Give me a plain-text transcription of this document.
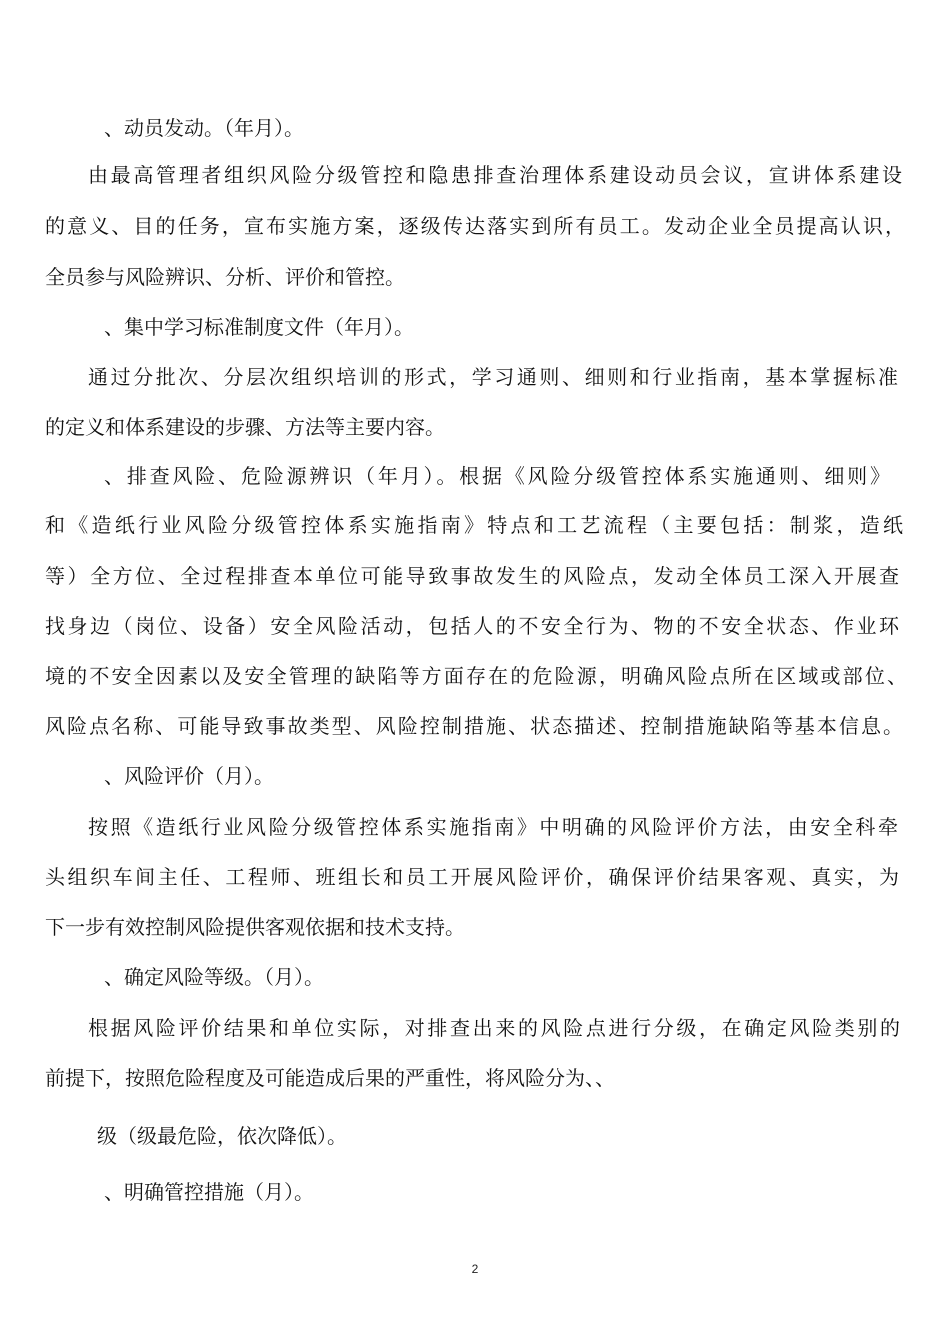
、动员发动。（年月）。
由最高管理者组织风险分级管控和隐患排查治理体系建设动员会议，宣讲体系建设
的意义、目的任务，宣布实施方案，逐级传达落实到所有员工。发动企业全员提高认识，
全员参与风险辨识、分析、评价和管控。
、集中学习标准制度文件（年月）。
通过分批次、分层次组织培训的形式，学习通则、细则和行业指南，基本掌握标准
的定义和体系建设的步骤、方法等主要内容。
、排查风险、危险源辨识（年月）。根据《风险分级管控体系实施通则、细则》
和《造纸行业风险分级管控体系实施指南》特点和工艺流程（主要包括：制浆，造纸
等）全方位、全过程排查本单位可能导致事故发生的风险点，发动全体员工深入开展查
找身边（岗位、设备）安全风险活动，包括人的不安全行为、物的不安全状态、作业环
境的不安全因素以及安全管理的缺陷等方面存在的危险源，明确风险点所在区域或部位、
风险点名称、可能导致事故类型、风险控制措施、状态描述、控制措施缺陷等基本信息。
、风险评价（月）。
按照《造纸行业风险分级管控体系实施指南》中明确的风险评价方法，由安全科牵
头组织车间主任、工程师、班组长和员工开展风险评价，确保评价结果客观、真实，为
下一步有效控制风险提供客观依据和技术支持。
、确定风险等级。（月）。
根据风险评价结果和单位实际，对排查出来的风险点进行分级，在确定风险类别的
前提下，按照危险程度及可能造成后果的严重性，将风险分为、、
级（级最危险，依次降低）。
、明确管控措施（月）。
2
